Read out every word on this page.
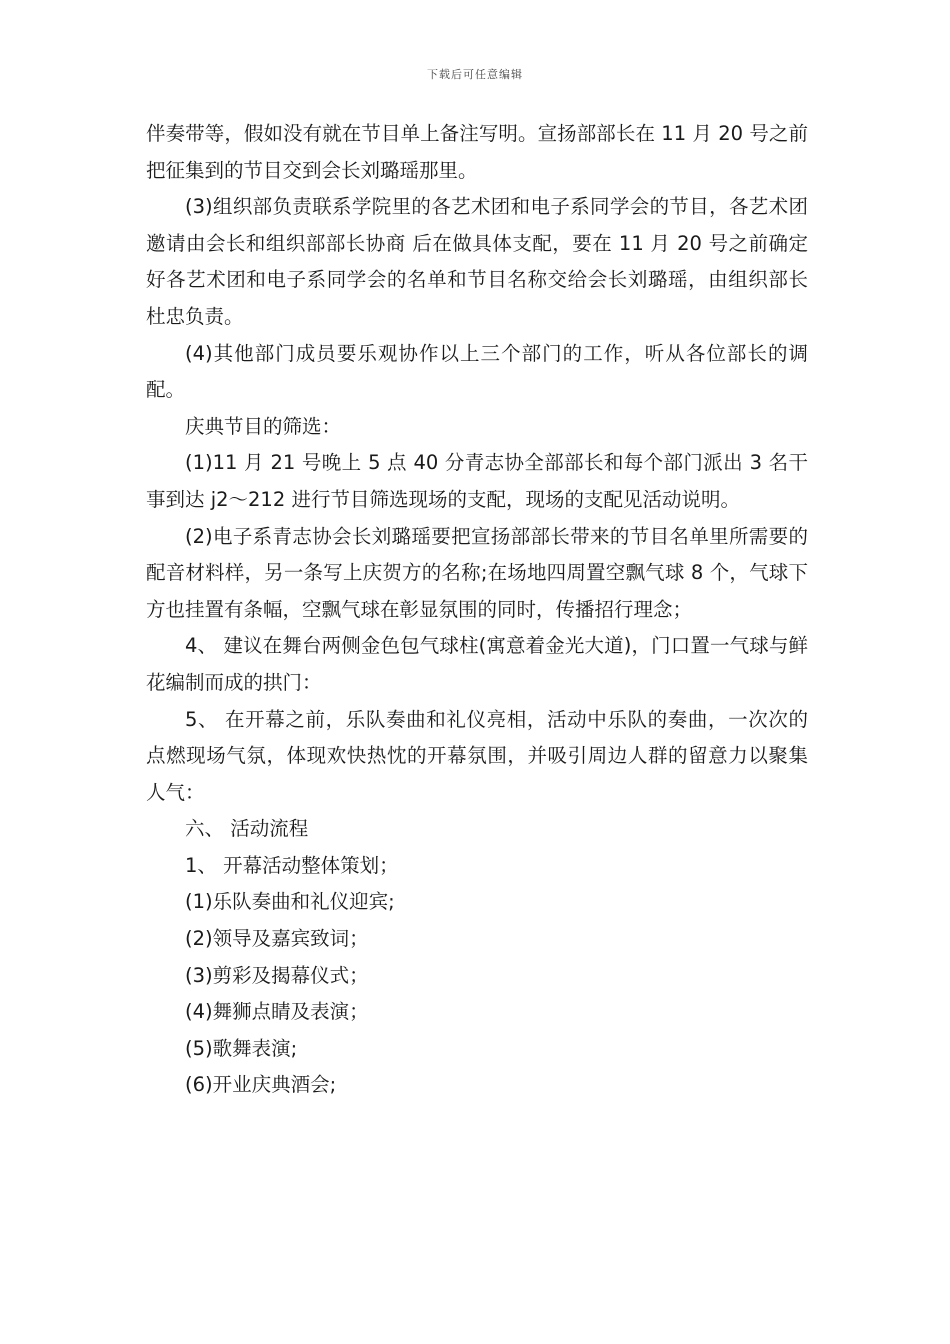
下载后可任意编辑

伴奏带等，假如没有就在节目单上备注写明。宣扬部部长在 11 月 20 号之前把征集到的节目交到会长刘璐瑶那里。

(3)组织部负责联系学院里的各艺术团和电子系同学会的节目，各艺术团邀请由会长和组织部部长协商 后在做具体支配，要在 11 月 20 号之前确定好各艺术团和电子系同学会的名单和节目名称交给会长刘璐瑶，由组织部长杜忠负责。

(4)其他部门成员要乐观协作以上三个部门的工作，听从各位部长的调配。

庆典节目的筛选：

(1)11 月 21 号晚上 5 点 40 分青志协全部部长和每个部门派出 3 名干事到达 j2～212 进行节目筛选现场的支配，现场的支配见活动说明。

(2)电子系青志协会长刘璐瑶要把宣扬部部长带来的节目名单里所需要的配音材料样，另一条写上庆贺方的名称;在场地四周置空飘气球 8 个，气球下方也挂置有条幅，空飘气球在彰显氛围的同时，传播招行理念；

4、 建议在舞台两侧金色包气球柱(寓意着金光大道)，门口置一气球与鲜花编制而成的拱门：

5、 在开幕之前，乐队奏曲和礼仪亮相，活动中乐队的奏曲，一次次的点燃现场气氛，体现欢快热忱的开幕氛围，并吸引周边人群的留意力以聚集人气：

六、 活动流程

1、 开幕活动整体策划；

(1)乐队奏曲和礼仪迎宾;

(2)领导及嘉宾致词；

(3)剪彩及揭幕仪式；

(4)舞狮点睛及表演；

(5)歌舞表演;

(6)开业庆典酒会;
